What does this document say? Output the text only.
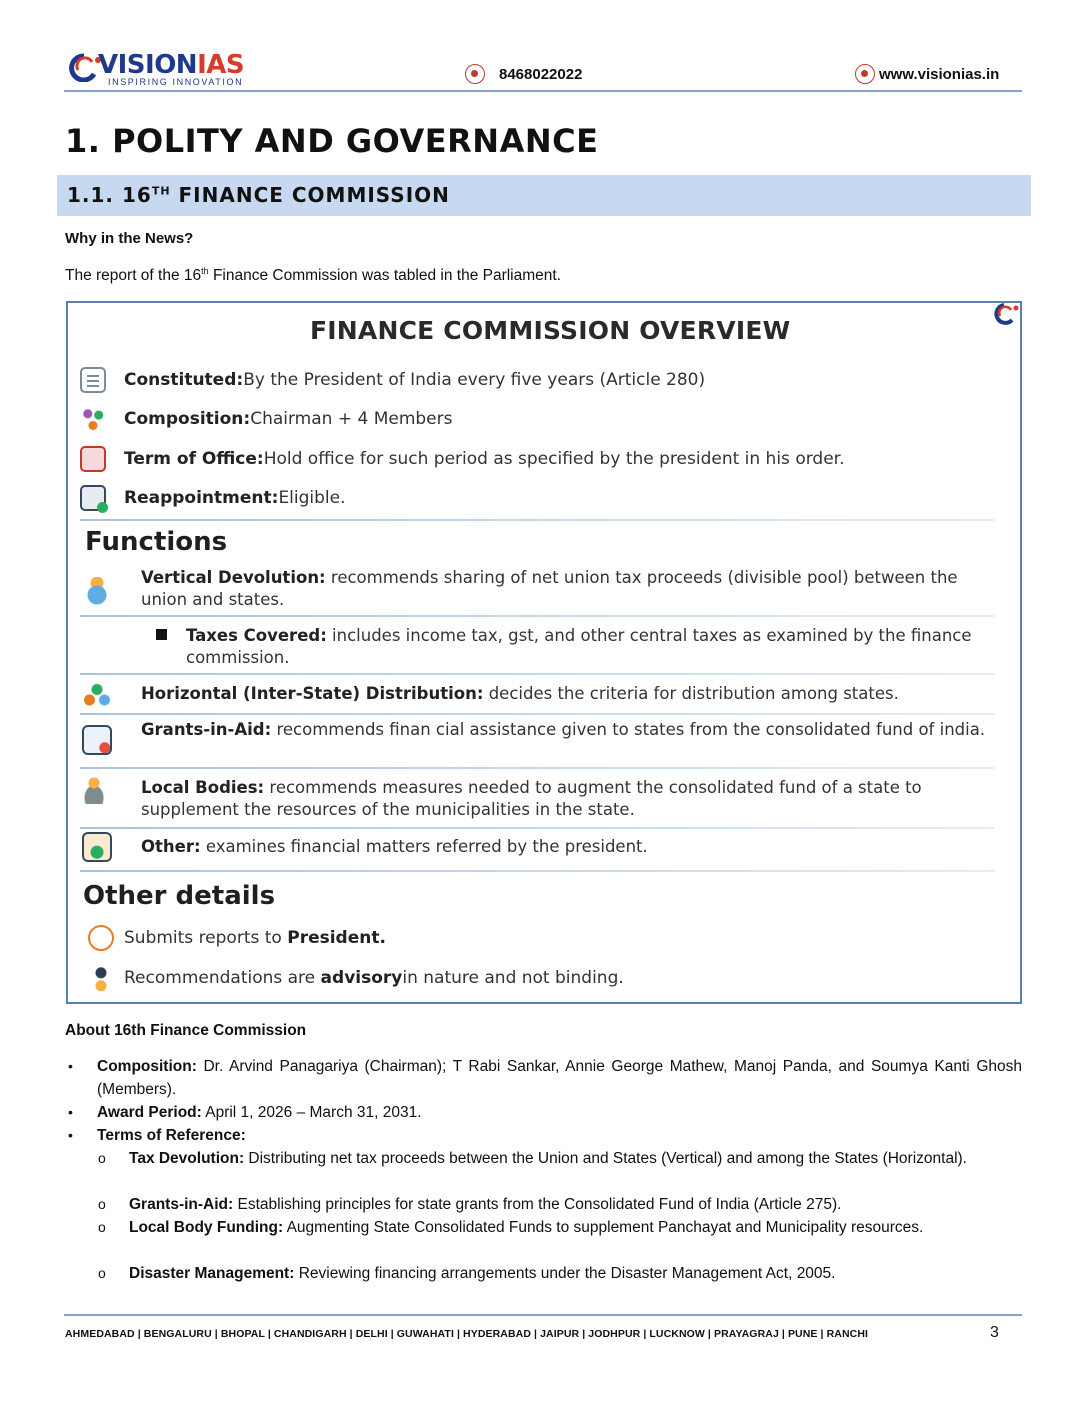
VISIONIAS
INSPIRING INNOVATION	8468022022	www.visionias.in
1. POLITY AND GOVERNANCE
1.1. 16TH FINANCE COMMISSION
Why in the News?
The report of the 16th Finance Commission was tabled in the Parliament.
FINANCE COMMISSION OVERVIEW
Constituted: By the President of India every five years (Article 280)
Composition: Chairman + 4 Members
Term of Office: Hold office for such period as specified by the president in his order.
Reappointment: Eligible.
Functions
Vertical Devolution: recommends sharing of net union tax proceeds (divisible pool) between the union and states.
Taxes Covered: includes income tax, gst, and other central taxes as examined by the finance commission.
Horizontal (Inter-State) Distribution: decides the criteria for distribution among states.
Grants-in-Aid: recommends finan cial assistance given to states from the consolidated fund of india.
Local Bodies: recommends measures needed to augment the consolidated fund of a state to supplement the resources of the municipalities in the state.
Other: examines financial matters referred by the president.
Other details
Submits reports to
President.
Recommendations are
advisory in nature and not binding.
About 16th Finance Commission
• Composition: Dr. Arvind Panagariya (Chairman); T Rabi Sankar, Annie George Mathew, Manoj Panda, and Soumya Kanti Ghosh (Members).
• Award Period: April 1, 2026 – March 31, 2031.
• Terms of Reference:
o Tax Devolution: Distributing net tax proceeds between the Union and States (Vertical) and among the States (Horizontal).
o Grants-in-Aid: Establishing principles for state grants from the Consolidated Fund of India (Article 275).
o Local Body Funding: Augmenting State Consolidated Funds to supplement Panchayat and Municipality resources.
o Disaster Management: Reviewing financing arrangements under the Disaster Management Act, 2005.
AHMEDABAD | BENGALURU | BHOPAL | CHANDIGARH | DELHI | GUWAHATI | HYDERABAD | JAIPUR | JODHPUR | LUCKNOW | PRAYAGRAJ | PUNE | RANCHI	3
